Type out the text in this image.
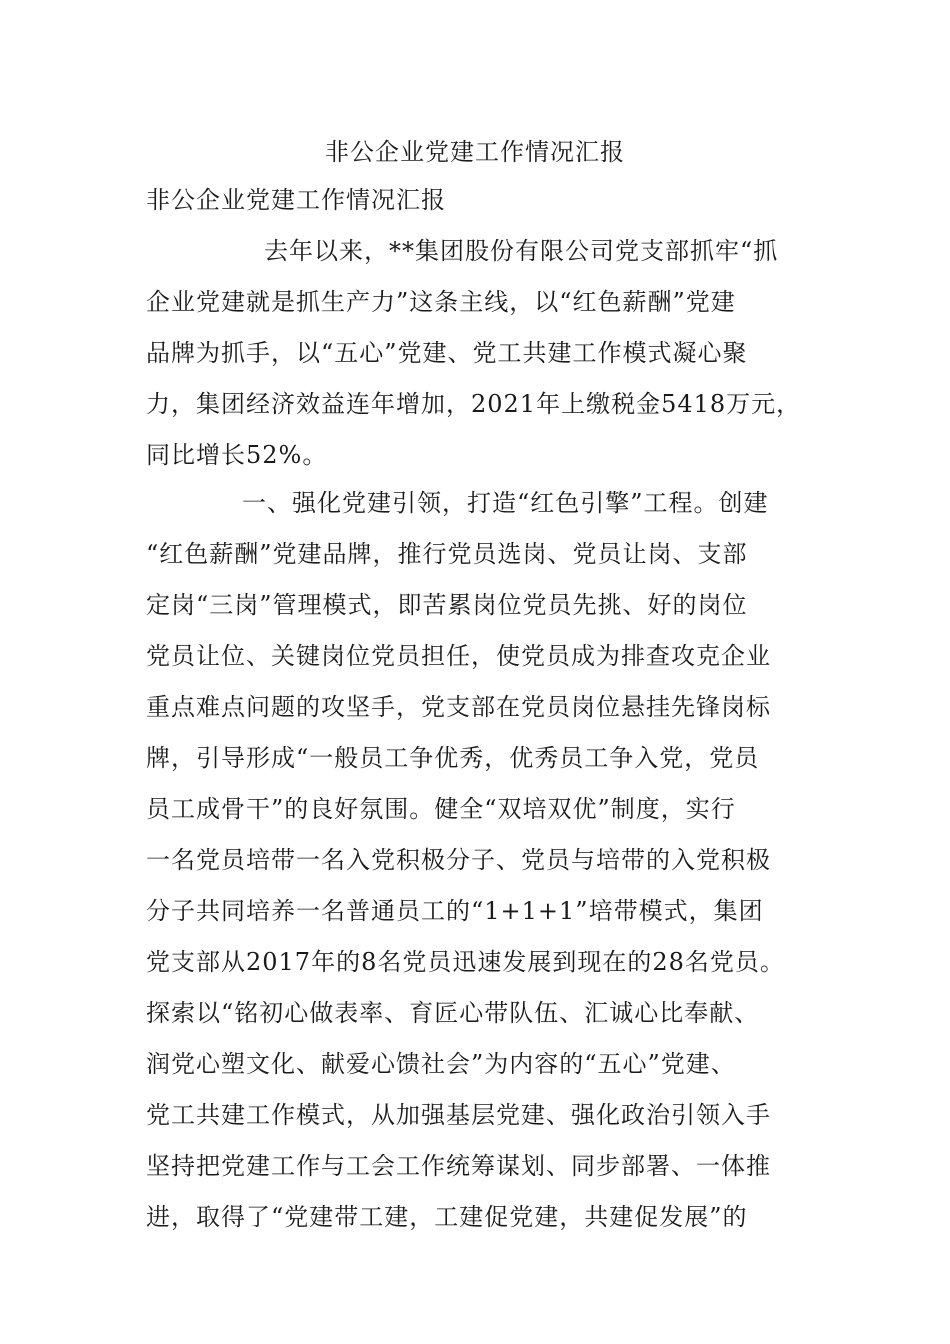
非公企业党建工作情况汇报
非公企业党建工作情况汇报
去年以来，**集团股份有限公司党支部抓牢“抓
企业党建就是抓生产力”这条主线，以“红色薪酬”党建
品牌为抓手，以“五心”党建、党工共建工作模式凝心聚
力，集团经济效益连年增加，2021年上缴税金5418万元，
同比增长52%。
一、强化党建引领，打造“红色引擎”工程。创建
“红色薪酬”党建品牌，推行党员选岗、党员让岗、支部
定岗“三岗”管理模式，即苦累岗位党员先挑、好的岗位
党员让位、关键岗位党员担任，使党员成为排查攻克企业
重点难点问题的攻坚手，党支部在党员岗位悬挂先锋岗标
牌，引导形成“一般员工争优秀，优秀员工争入党，党员
员工成骨干”的良好氛围。健全“双培双优”制度，实行
一名党员培带一名入党积极分子、党员与培带的入党积极
分子共同培养一名普通员工的“1+1+1”培带模式，集团
党支部从2017年的8名党员迅速发展到现在的28名党员。
探索以“铭初心做表率、育匠心带队伍、汇诚心比奉献、
润党心塑文化、献爱心馈社会”为内容的“五心”党建、
党工共建工作模式，从加强基层党建、强化政治引领入手
坚持把党建工作与工会工作统筹谋划、同步部署、一体推
进，取得了“党建带工建，工建促党建，共建促发展”的
